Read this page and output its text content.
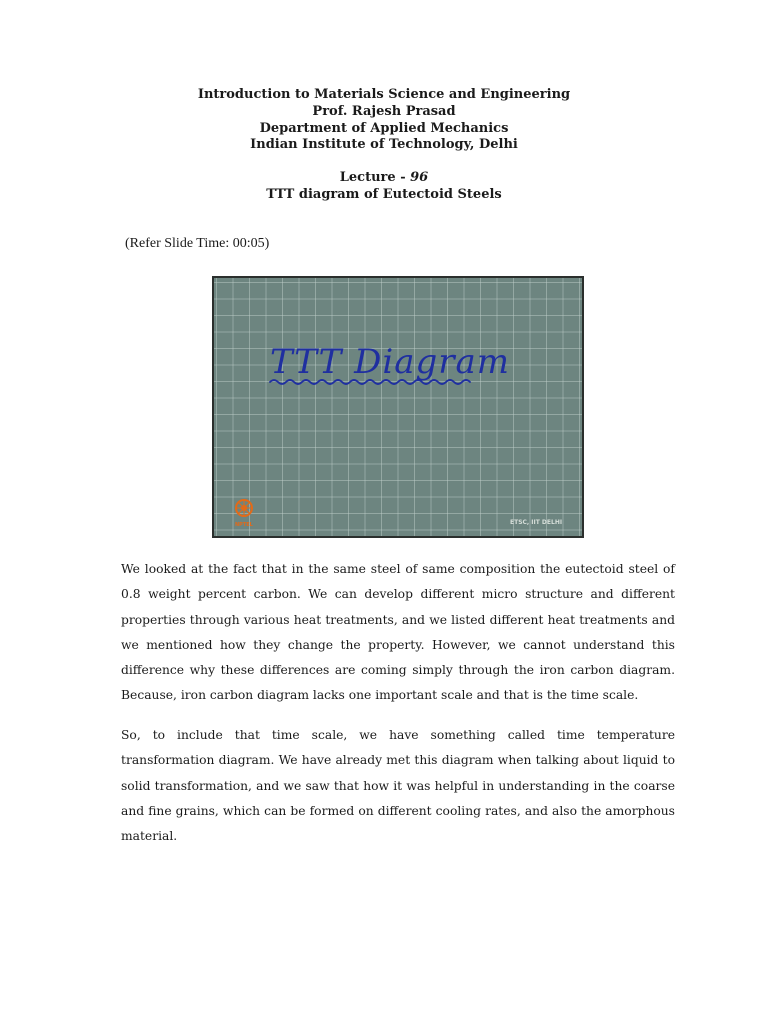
Introduction to Materials Science and Engineering
Prof. Rajesh Prasad
Department of Applied Mechanics
Indian Institute of Technology, Delhi
Lecture - 96
TTT diagram of Eutectoid Steels
(Refer Slide Time: 00:05)
TTT Diagram
NPTEL	ETSC, IIT DELHI

We looked at the fact that in the same steel of same composition the eutectoid steel of 0.8 weight percent carbon. We can develop different micro structure and different properties through various heat treatments, and we listed different heat treatments and we mentioned how they change the property. However, we cannot understand this difference why these differences are coming simply through the iron carbon diagram. Because, iron carbon diagram lacks one important scale and that is the time scale.

So, to include that time scale, we have something called time temperature transformation diagram. We have already met this diagram when talking about liquid to solid transformation, and we saw that how it was helpful in understanding in the coarse and fine grains, which can be formed on different cooling rates, and also the amorphous material.
